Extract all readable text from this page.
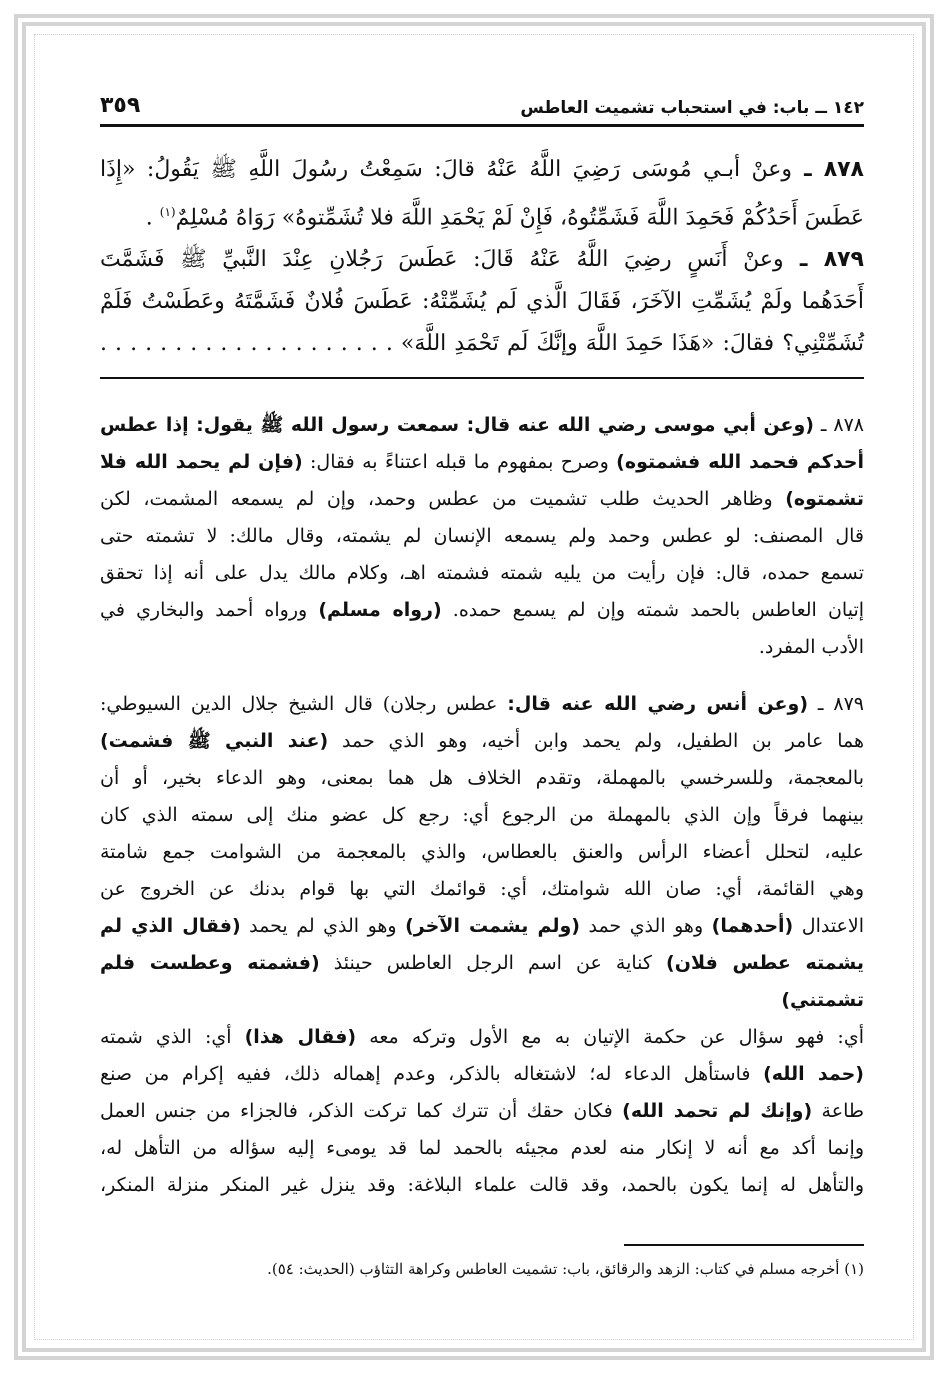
١٤٢ ــ باب: في استحباب تشميت العاطس
٣٥٩
٨٧٨ ـ وعنْ أبـي مُوسَى رَضِيَ اللَّهُ عَنْهُ قالَ: سَمِعْتُ رسُولَ اللَّهِ ﷺ يَقُولُ: «إِذَا
عَطَسَ أَحَدُكُمْ فَحَمِدَ اللَّهَ فَشَمِّتُوهُ، فَإِنْ لَمْ يَحْمَدِ اللَّهَ فلا تُشَمِّتوهُ» رَوَاهُ مُسْلِمٌ$^{(١)}$ .
٨٧٩ ـ وعنْ أَنَسٍ رضِيَ اللَّهُ عَنْهُ قَالَ: عَطَسَ رَجُلانِ عِنْدَ النَّبيِّ ﷺ فَشَمَّتَ
أَحَدَهُما ولَمْ يُشَمِّتِ الآخَرَ، فَقَالَ الَّذي لَم يُشَمِّتْهُ: عَطَسَ فُلانٌ فَشَمَّتَهُ وعَطَسْتُ فَلَمْ
تُشَمِّتْنِي؟ فقالَ: «هَذَا حَمِدَ اللَّهَ وإنَّكَ لَم تَحْمَدِ اللَّهَ» . . . . . . . . . . . . . . . . . . . .
٨٧٨ ـ (وعن أبي موسى رضي الله عنه قال: سمعت رسول الله ﷺ يقول: إذا عطس
أحدكم فحمد الله فشمتوه) وصرح بمفهوم ما قبله اعتناءً به فقال: (فإن لم يحمد الله فلا
تشمتوه) وظاهر الحديث طلب تشميت من عطس وحمد، وإن لم يسمعه المشمت، لكن
قال المصنف: لو عطس وحمد ولم يسمعه الإنسان لم يشمته، وقال مالك: لا تشمته حتى
تسمع حمده، قال: فإن رأيت من يليه شمته فشمته اهـ، وكلام مالك يدل على أنه إذا تحقق
إتيان العاطس بالحمد شمته وإن لم يسمع حمده. (رواه مسلم) ورواه أحمد والبخاري في
الأدب المفرد.
٨٧٩ ـ (وعن أنس رضي الله عنه قال: عطس رجلان) قال الشيخ جلال الدين السيوطي:
هما عامر بن الطفيل، ولم يحمد وابن أخيه، وهو الذي حمد (عند النبي ﷺ فشمت)
بالمعجمة، وللسرخسي بالمهملة، وتقدم الخلاف هل هما بمعنى، وهو الدعاء بخير، أو أن
بينهما فرقاً وإن الذي بالمهملة من الرجوع أي: رجع كل عضو منك إلى سمته الذي كان
عليه، لتحلل أعضاء الرأس والعنق بالعطاس، والذي بالمعجمة من الشوامت جمع شامتة
وهي القائمة، أي: صان الله شوامتك، أي: قوائمك التي بها قوام بدنك عن الخروج عن
الاعتدال (أحدهما) وهو الذي حمد (ولم يشمت الآخر) وهو الذي لم يحمد (فقال الذي لم
يشمته عطس فلان) كناية عن اسم الرجل العاطس حينئذ (فشمته وعطست فلم تشمتني)
أي: فهو سؤال عن حكمة الإتيان به مع الأول وتركه معه (فقال هذا) أي: الذي شمته
(حمد الله) فاستأهل الدعاء له؛ لاشتغاله بالذكر، وعدم إهماله ذلك، ففيه إكرام من صنع
طاعة (وإنك لم تحمد الله) فكان حقك أن تترك كما تركت الذكر، فالجزاء من جنس العمل
وإنما أكد مع أنه لا إنكار منه لعدم مجيئه بالحمد لما قد يومىء إليه سؤاله من التأهل له،
والتأهل له إنما يكون بالحمد، وقد قالت علماء البلاغة: وقد ينزل غير المنكر منزلة المنكر،
(١) أخرجه مسلم في كتاب: الزهد والرقائق، باب: تشميت العاطس وكراهة التثاؤب (الحديث: ٥٤).
